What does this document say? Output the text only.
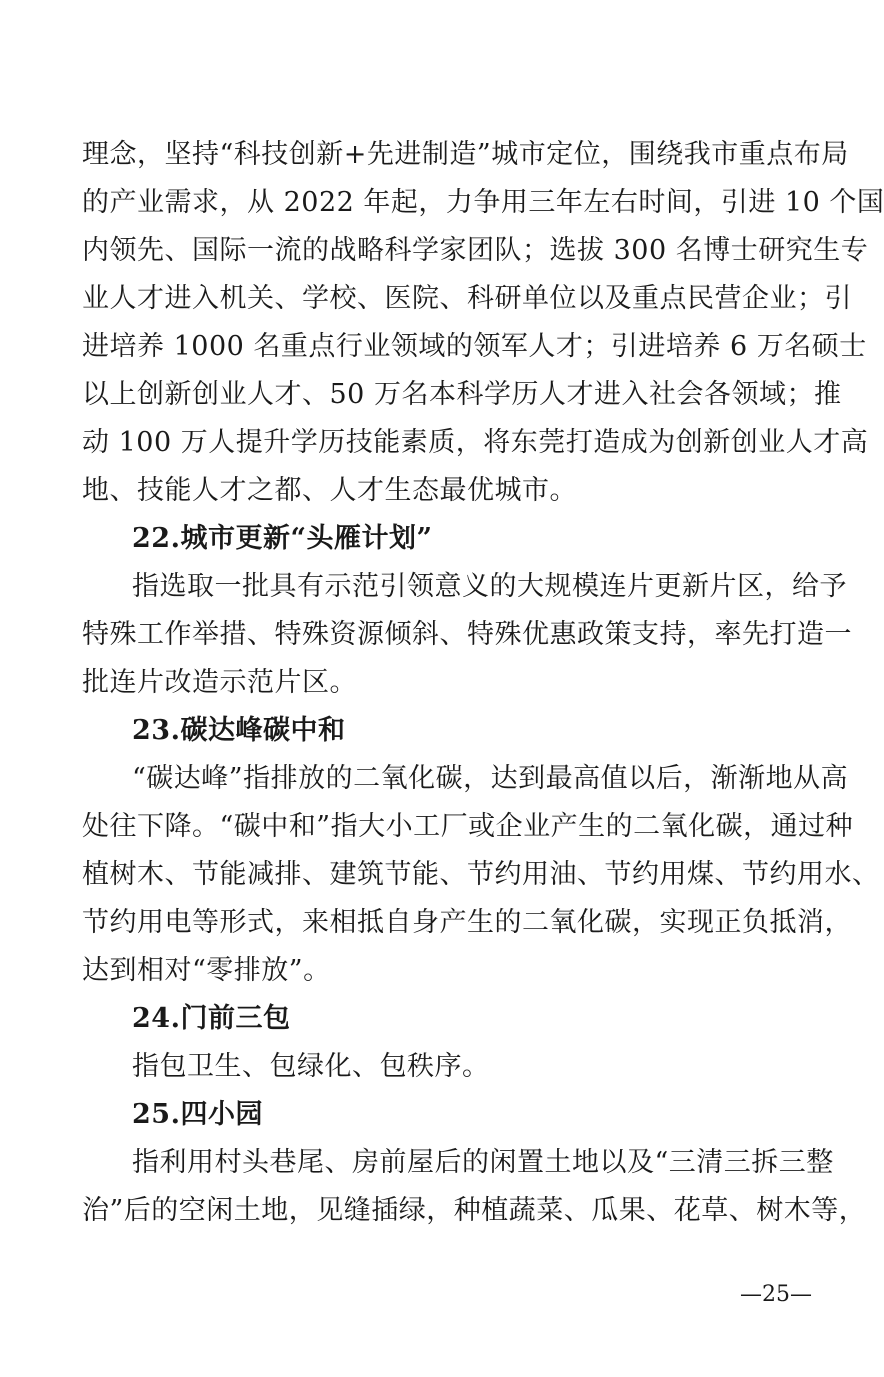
理念，坚持“科技创新+先进制造”城市定位，围绕我市重点布局
的产业需求，从 2022 年起，力争用三年左右时间，引进 10 个国
内领先、国际一流的战略科学家团队；选拔 300 名博士研究生专
业人才进入机关、学校、医院、科研单位以及重点民营企业；引
进培养 1000 名重点行业领域的领军人才；引进培养 6 万名硕士
以上创新创业人才、50 万名本科学历人才进入社会各领域；推
动 100 万人提升学历技能素质，将东莞打造成为创新创业人才高
地、技能人才之都、人才生态最优城市。
22.城市更新“头雁计划”
指选取一批具有示范引领意义的大规模连片更新片区，给予
特殊工作举措、特殊资源倾斜、特殊优惠政策支持，率先打造一
批连片改造示范片区。
23.碳达峰碳中和
“碳达峰”指排放的二氧化碳，达到最高值以后，渐渐地从高
处往下降。“碳中和”指大小工厂或企业产生的二氧化碳，通过种
植树木、节能减排、建筑节能、节约用油、节约用煤、节约用水、
节约用电等形式，来相抵自身产生的二氧化碳，实现正负抵消，
达到相对“零排放”。
24.门前三包
指包卫生、包绿化、包秩序。
25.四小园
指利用村头巷尾、房前屋后的闲置土地以及“三清三拆三整
治”后的空闲土地，见缝插绿，种植蔬菜、瓜果、花草、树木等，
—25—
